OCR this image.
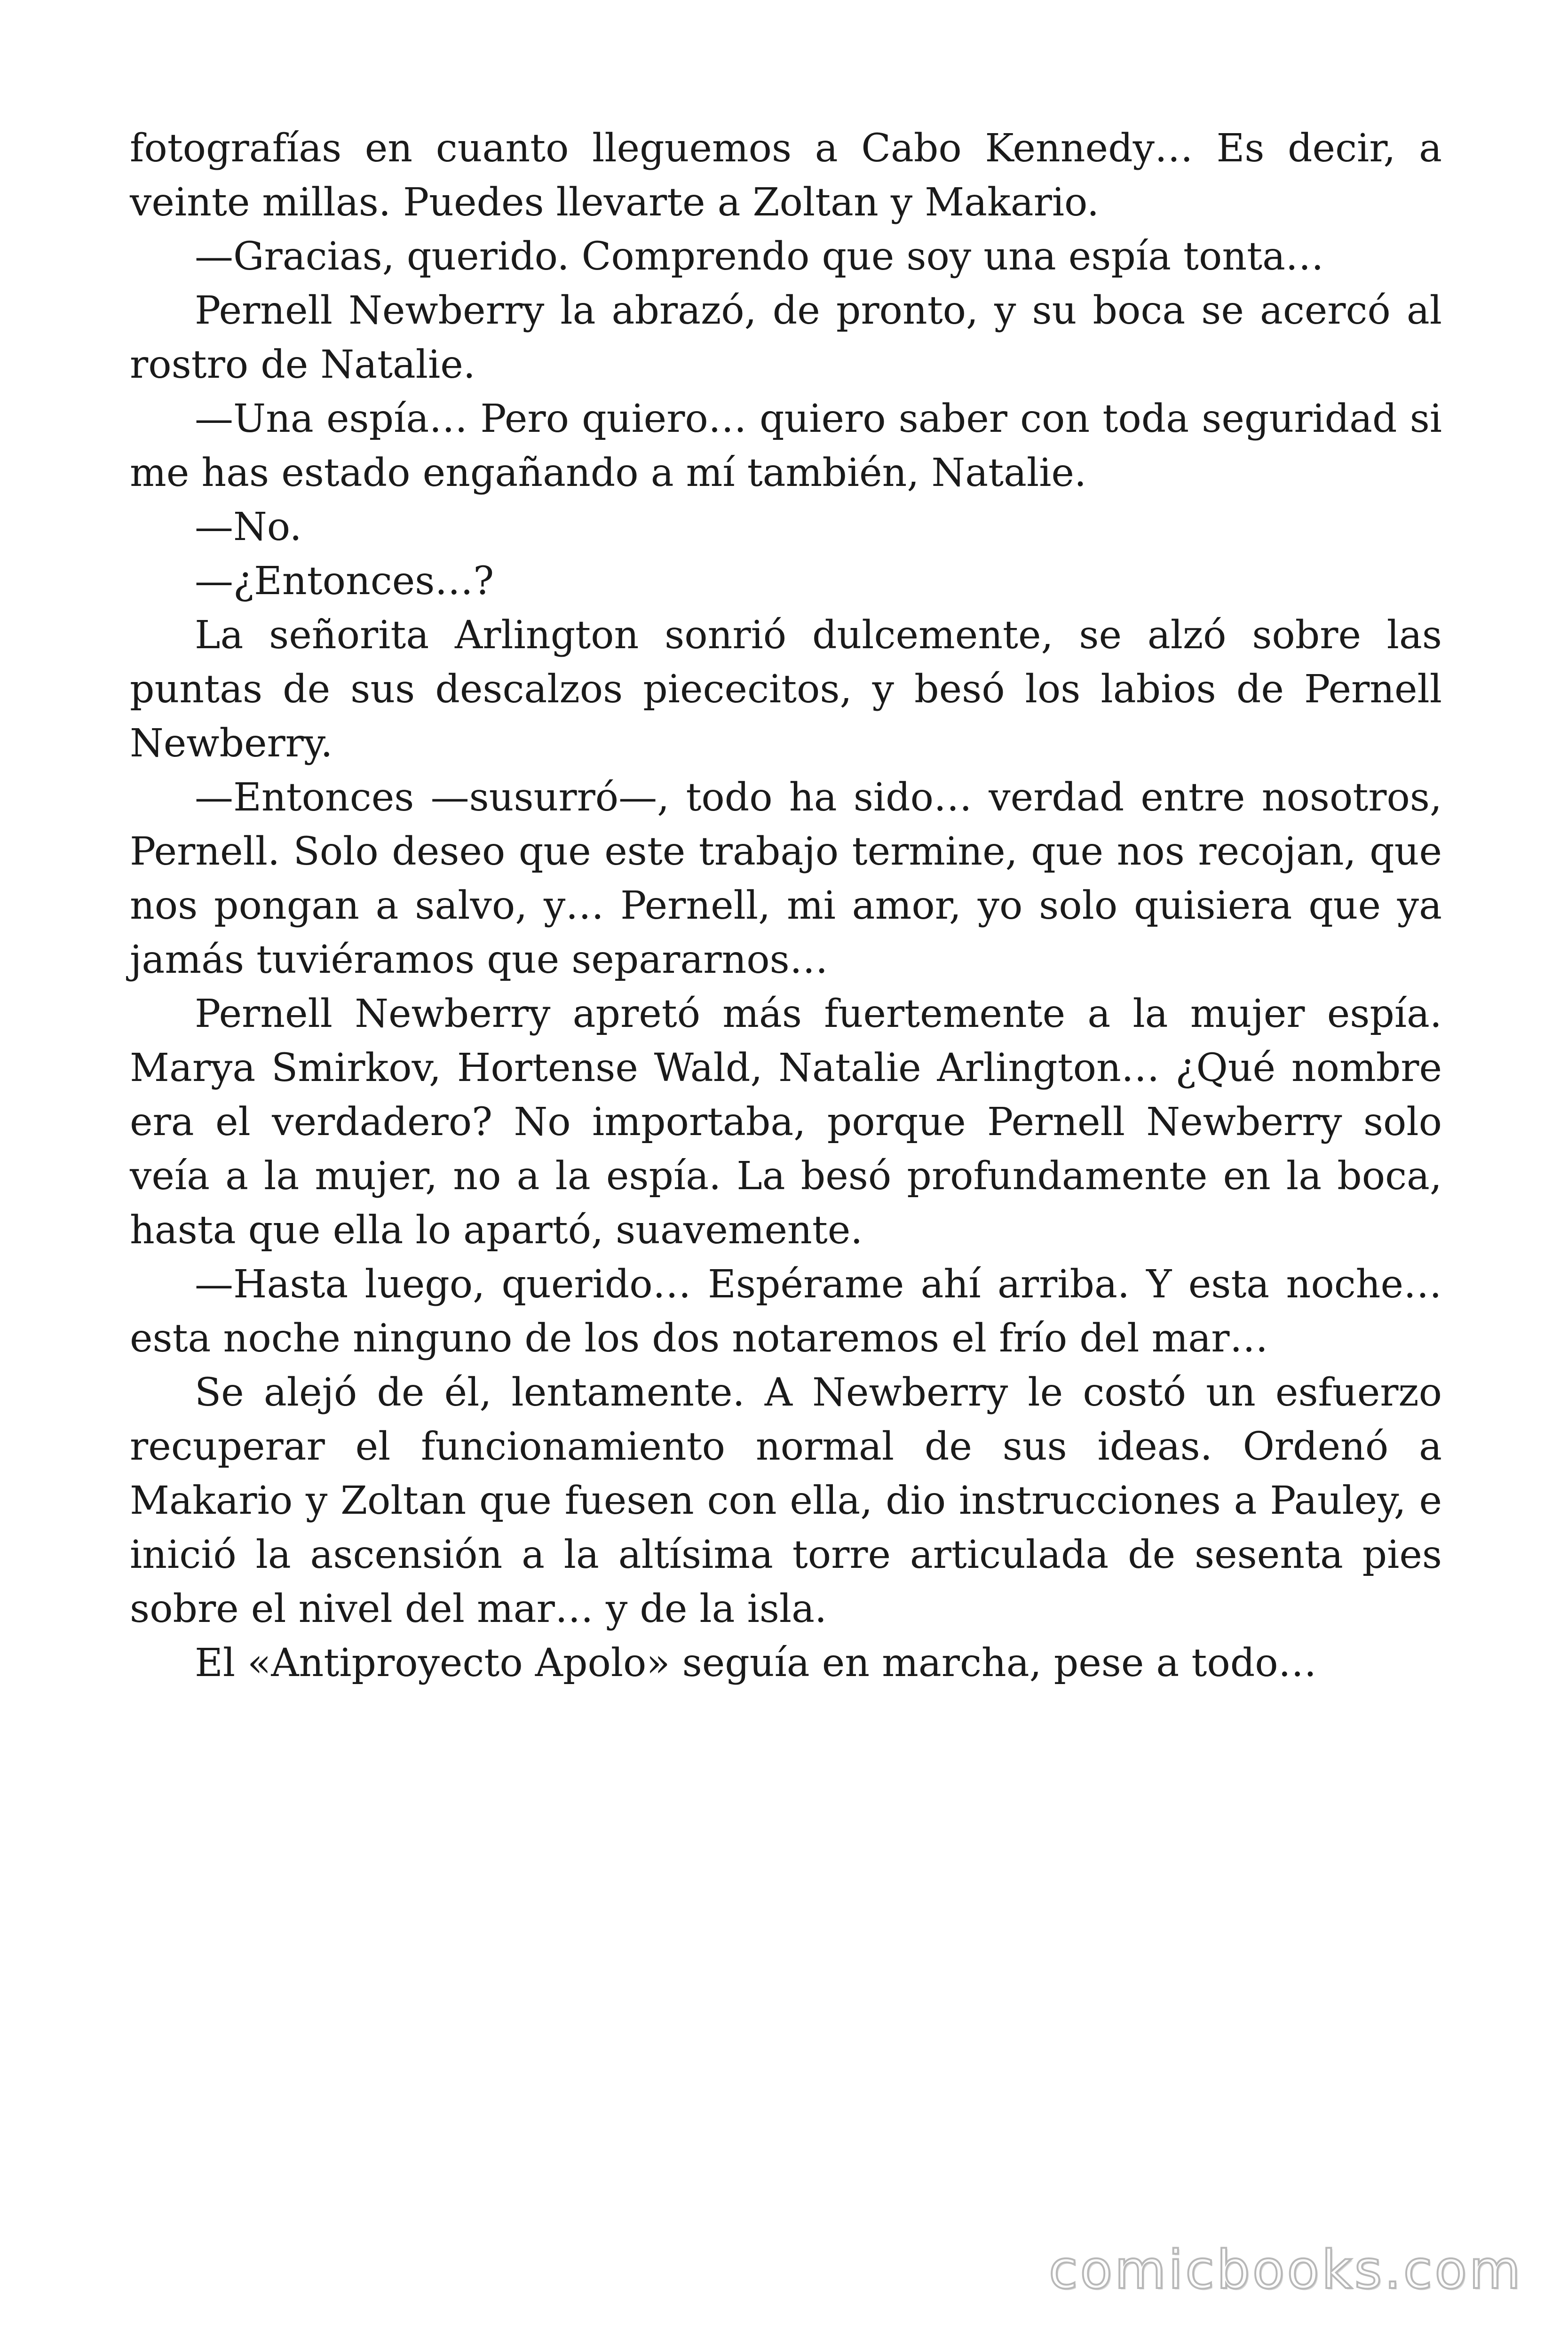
fotografías en cuanto lleguemos a Cabo Kennedy… Es decir, a veinte millas. Puedes llevarte a Zoltan y Makario.

—Gracias, querido. Comprendo que soy una espía tonta…

Pernell Newberry la abrazó, de pronto, y su boca se acercó al rostro de Natalie.

—Una espía… Pero quiero… quiero saber con toda seguridad si me has estado engañando a mí también, Natalie.

—No.

—¿Entonces…?

La señorita Arlington sonrió dulcemente, se alzó sobre las puntas de sus descalzos piececitos, y besó los labios de Pernell Newberry.

—Entonces —susurró—, todo ha sido… verdad entre nosotros, Pernell. Solo deseo que este trabajo termine, que nos recojan, que nos pongan a salvo, y… Pernell, mi amor, yo solo quisiera que ya jamás tuviéramos que separarnos…

Pernell Newberry apretó más fuertemente a la mujer espía. Marya Smirkov, Hortense Wald, Natalie Arlington… ¿Qué nombre era el verdadero? No importaba, porque Pernell Newberry solo veía a la mujer, no a la espía. La besó profundamente en la boca, hasta que ella lo apartó, suavemente.

—Hasta luego, querido… Espérame ahí arriba. Y esta noche… esta noche ninguno de los dos notaremos el frío del mar…

Se alejó de él, lentamente. A Newberry le costó un esfuerzo recuperar el funcionamiento normal de sus ideas. Ordenó a Makario y Zoltan que fuesen con ella, dio instrucciones a Pauley, e inició la ascensión a la altísima torre articulada de sesenta pies sobre el nivel del mar… y de la isla.

El «Antiproyecto Apolo» seguía en marcha, pese a todo…

comicbooks.com
